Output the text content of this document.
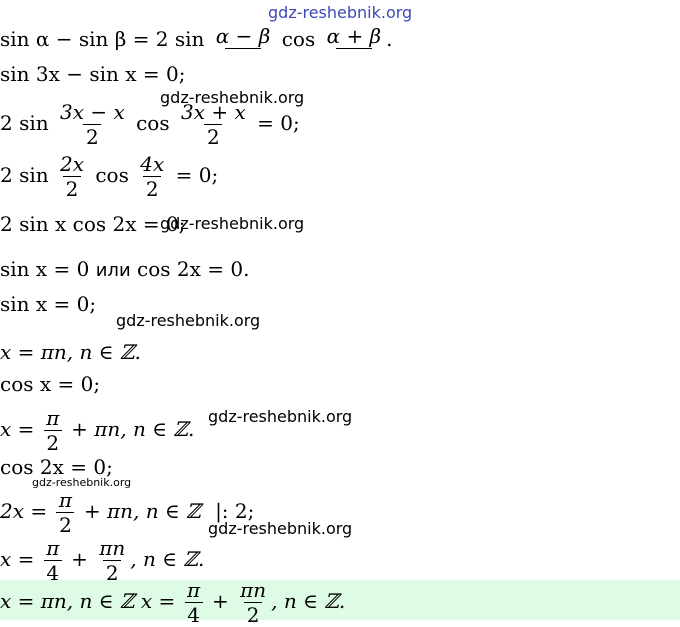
gdz-reshebnik.org
sin α − sin β = 2 sin α − β cos α + β .
sin 3x − sin x = 0;
2 $\sin \frac{3x - x}{2}$ $\cos \frac{3x + x}{2} = 0$;
2 $\sin \frac{2x}{2}$ $\cos \frac{4x}{2} = 0$;
2 sin x cos 2x = 0;
sin x = 0 или cos 2x = 0.
sin x = 0;
x = πn, n ∈ ℤ.
cos x = 0;
$x = \frac{\pi}{2} + \pi n$, n ∈ ℤ.
cos 2x = 0;
$2x = \frac{\pi}{2} + \pi n$, n ∈ ℤ |: 2;
$x = \frac{\pi}{4} + \frac{\pi n}{2}$ , n ∈ ℤ.
x = πn, n ∈ ℤ $x = \frac{\pi}{4} + \frac{\pi n}{2}$ , n ∈ ℤ.
gdz-reshebnik.org
gdz-reshebnik.org
gdz-reshebnik.org
gdz-reshebnik.org
gdz-reshebnik.org
gdz-reshebnik.org
